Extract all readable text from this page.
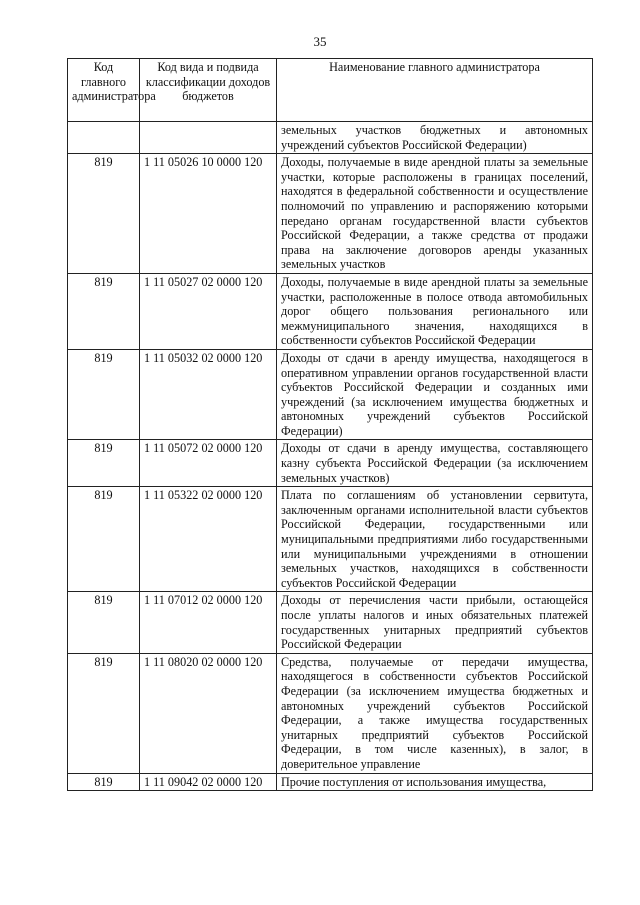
35
Код главного администратора	Код вида и подвида классификации доходов бюджетов	Наименование главного администратора
		земельных участков бюджетных и автономных учреждений субъектов Российской Федерации)
819	1 11 05026 10 0000 120	Доходы, получаемые в виде арендной платы за земельные участки, которые расположены в границах поселений, находятся в федеральной собственности и осуществление полномочий по управлению и распоряжению которыми передано органам государственной власти субъектов Российской Федерации, а также средства от продажи права на заключение договоров аренды указанных земельных участков
819	1 11 05027 02 0000 120	Доходы, получаемые в виде арендной платы за земельные участки, расположенные в полосе отвода автомобильных дорог общего пользования регионального или межмуниципального значения, находящихся в собственности субъектов Российской Федерации
819	1 11 05032 02 0000 120	Доходы от сдачи в аренду имущества, находящегося в оперативном управлении органов государственной власти субъектов Российской Федерации и созданных ими учреждений (за исключением имущества бюджетных и автономных учреждений субъектов Российской Федерации)
819	1 11 05072 02 0000 120	Доходы от сдачи в аренду имущества, составляющего казну субъекта Российской Федерации (за исключением земельных участков)
819	1 11 05322 02 0000 120	Плата по соглашениям об установлении сервитута, заключенным органами исполнительной власти субъектов Российской Федерации, государственными или муниципальными предприятиями либо государственными или муниципальными учреждениями в отношении земельных участков, находящихся в собственности субъектов Российской Федерации
819	1 11 07012 02 0000 120	Доходы от перечисления части прибыли, остающейся после уплаты налогов и иных обязательных платежей государственных унитарных предприятий субъектов Российской Федерации
819	1 11 08020 02 0000 120	Средства, получаемые от передачи имущества, находящегося в собственности субъектов Российской Федерации (за исключением имущества бюджетных и автономных учреждений субъектов Российской Федерации, а также имущества государственных унитарных предприятий субъектов Российской Федерации, в том числе казенных), в залог, в доверительное управление
819	1 11 09042 02 0000 120	Прочие поступления от использования имущества,
